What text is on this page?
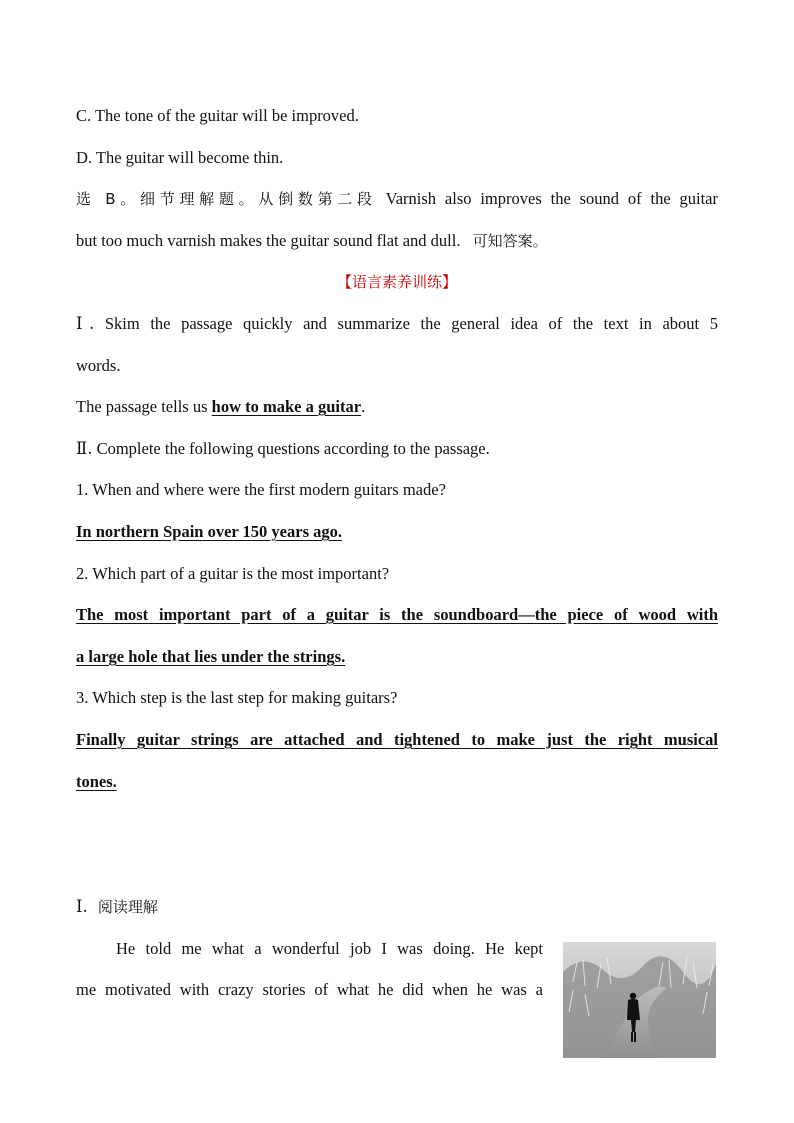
C. The tone of the guitar will be improved.
D. The guitar will become thin.
选 B。细节理解题。从倒数第二段 Varnish also improves the sound of the guitar
but too much varnish makes the guitar sound flat and dull. 可知答案。
【语言素养训练】
Ⅰ. Skim the passage quickly and summarize the general idea of the text in about 5
words.
The passage tells us how to make a guitar.
Ⅱ. Complete the following questions according to the passage.
1. When and where were the first modern guitars made?
In northern Spain over 150 years ago.
2. Which part of a guitar is the most important?
The most important part of a guitar is the soundboard—the piece of wood with
a large hole that lies under the strings.
3. Which step is the last step for making guitars?
Finally guitar strings are attached and tightened to make just the right musical
tones.
Ⅰ. 阅读理解
He told me what a wonderful job I was doing. He kept
me motivated with crazy stories of what he did when he was a
